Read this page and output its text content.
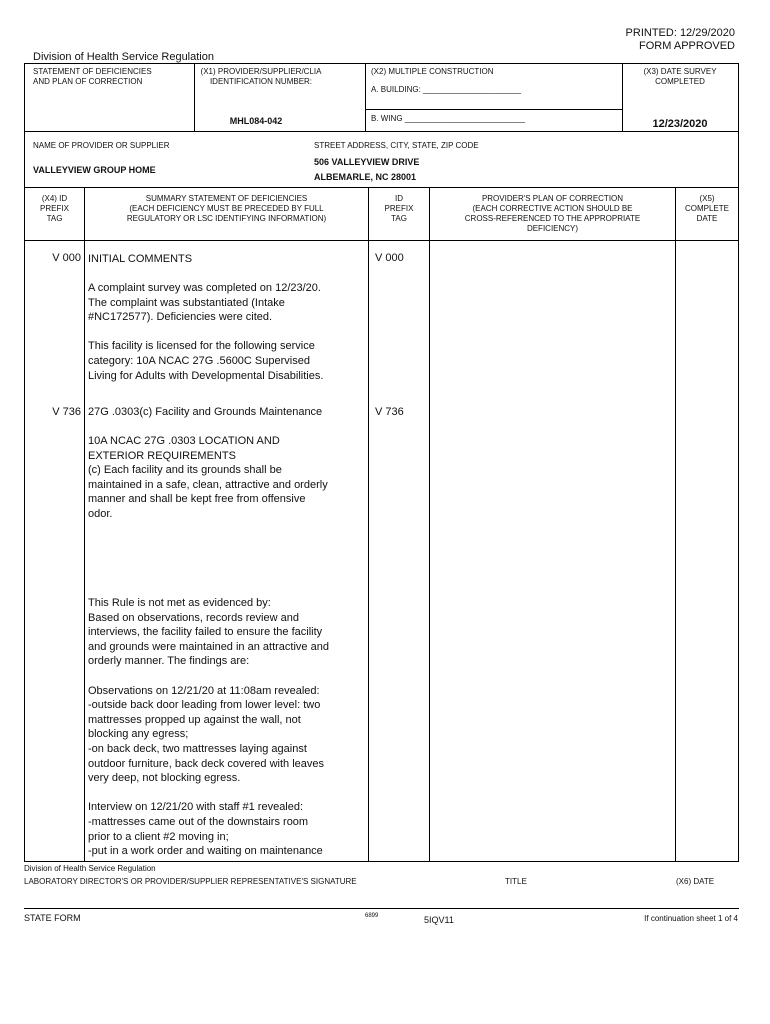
PRINTED: 12/29/2020
FORM APPROVED
Division of Health Service Regulation
STATEMENT OF DEFICIENCIES
AND PLAN OF CORRECTION
(X1) PROVIDER/SUPPLIER/CLIA
IDENTIFICATION NUMBER:
MHL084-042
(X2) MULTIPLE CONSTRUCTION
A. BUILDING: ______________________
B. WING ___________________________
(X3) DATE SURVEY
COMPLETED
12/23/2020
NAME OF PROVIDER OR SUPPLIER
VALLEYVIEW GROUP HOME
STREET ADDRESS, CITY, STATE, ZIP CODE
506 VALLEYVIEW DRIVE
ALBEMARLE, NC 28001
(X4) ID
PREFIX
TAG
SUMMARY STATEMENT OF DEFICIENCIES
(EACH DEFICIENCY MUST BE PRECEDED BY FULL
REGULATORY OR LSC IDENTIFYING INFORMATION)
ID
PREFIX
TAG
PROVIDER'S PLAN OF CORRECTION
(EACH CORRECTIVE ACTION SHOULD BE
CROSS-REFERENCED TO THE APPROPRIATE
DEFICIENCY)
(X5)
COMPLETE
DATE
V 000	V 000
INITIAL COMMENTS
A complaint survey was completed on 12/23/20.
The complaint was substantiated (Intake
#NC172577). Deficiencies were cited.

This facility is licensed for the following service
category: 10A NCAC 27G .5600C Supervised
Living for Adults with Developmental Disabilities.
V 736	V 736
27G .0303(c) Facility and Grounds Maintenance
10A NCAC 27G .0303 LOCATION AND
EXTERIOR REQUIREMENTS
(c) Each facility and its grounds shall be
maintained in a safe, clean, attractive and orderly
manner and shall be kept free from offensive
odor.
This Rule is not met as evidenced by:
Based on observations, records review and
interviews, the facility failed to ensure the facility
and grounds were maintained in an attractive and
orderly manner. The findings are:

Observations on 12/21/20 at 11:08am revealed:
-outside back door leading from lower level: two
mattresses propped up against the wall, not
blocking any egress;
-on back deck, two mattresses laying against
outdoor furniture, back deck covered with leaves
very deep, not blocking egress.

Interview on 12/21/20 with staff #1 revealed:
-mattresses came out of the downstairs room
prior to a client #2 moving in;
-put in a work order and waiting on maintenance
Division of Health Service Regulation
LABORATORY DIRECTOR'S OR PROVIDER/SUPPLIER REPRESENTATIVE'S SIGNATURE	TITLE	(X6) DATE
STATE FORM	6899	5IQV11	If continuation sheet 1 of 4
